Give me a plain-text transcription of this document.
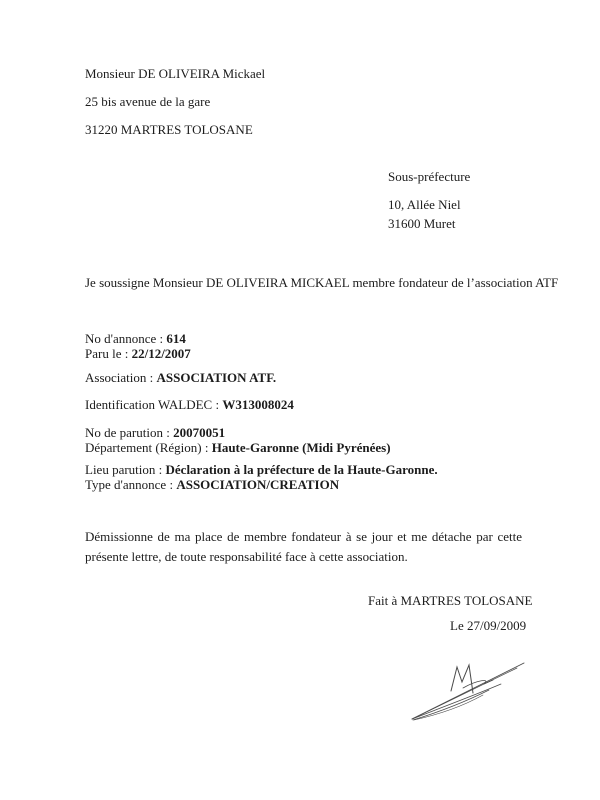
Monsieur DE OLIVEIRA Mickael

25 bis avenue de la gare

31220 MARTRES TOLOSANE

Sous-préfecture

10, Allée Niel

31600 Muret

Je soussigne Monsieur DE OLIVEIRA MICKAEL membre fondateur de l’association ATF

No d'annonce : 614

Paru le : 22/12/2007

Association : ASSOCIATION ATF.

Identification WALDEC : W313008024

No de parution : 20070051

Département (Région) : Haute-Garonne (Midi Pyrénées)

Lieu parution : Déclaration à la préfecture de la Haute-Garonne.

Type d'annonce : ASSOCIATION/CREATION

Démissionne de ma place de membre fondateur à se jour et me détache par cette présente lettre, de toute responsabilité face à cette association.

Fait à MARTRES TOLOSANE

Le 27/09/2009
